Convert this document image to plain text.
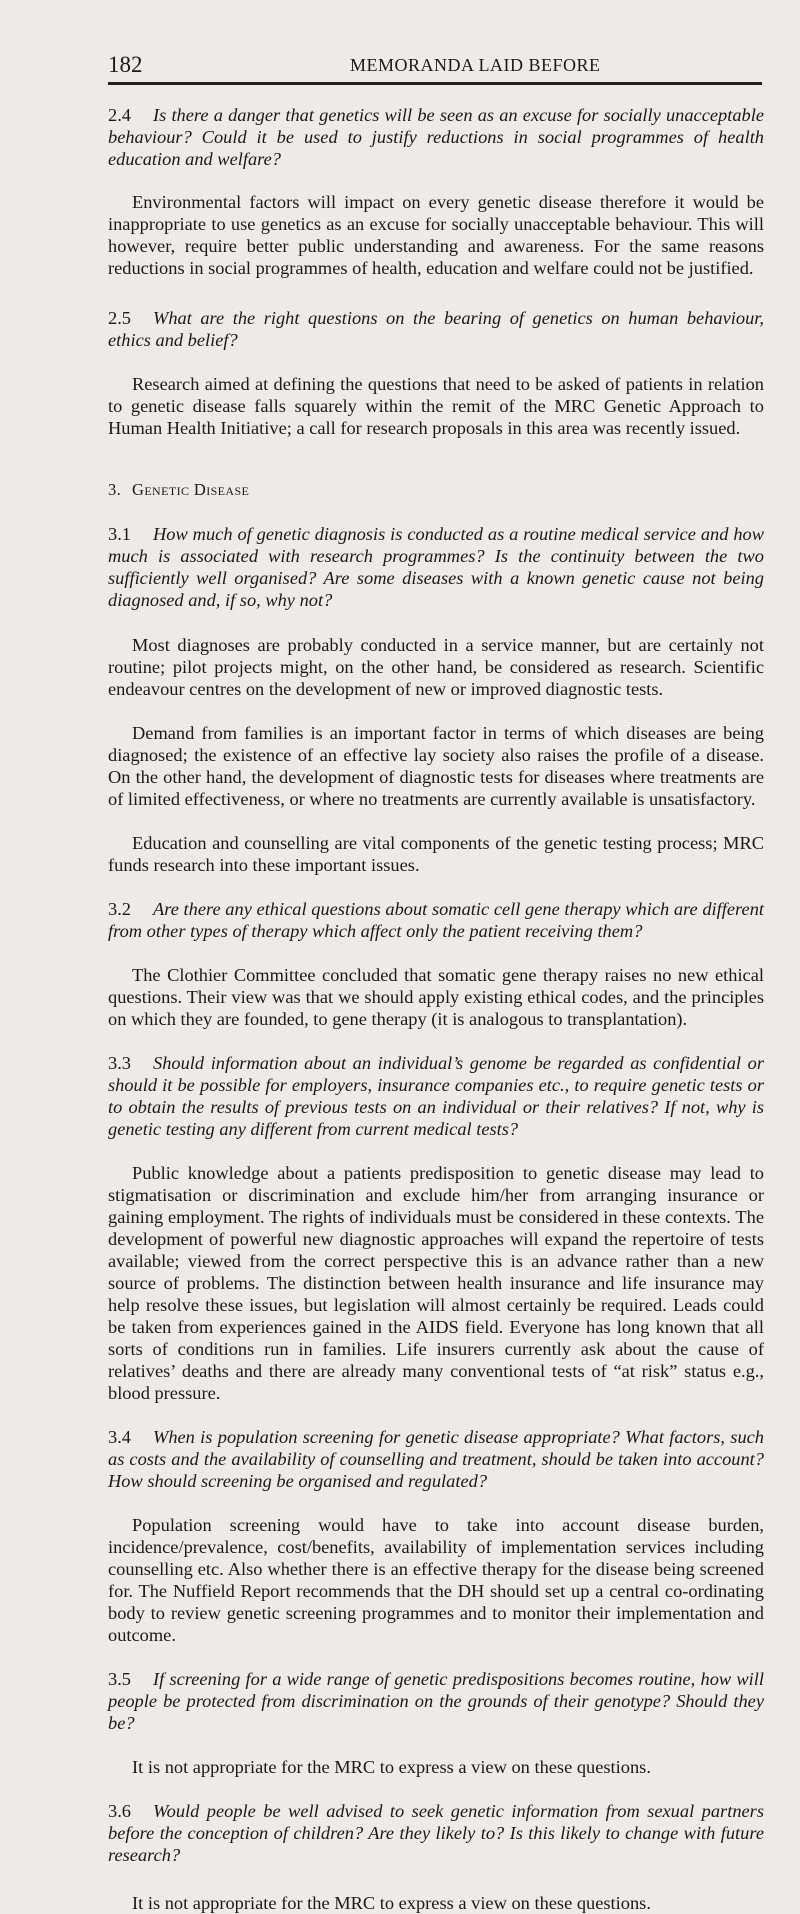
182	MEMORANDA LAID BEFORE

2.4 Is there a danger that genetics will be seen as an excuse for socially unacceptable behaviour? Could it be used to justify reductions in social programmes of health education and welfare?

Environmental factors will impact on every genetic disease therefore it would be inappropriate to use genetics as an excuse for socially unacceptable behaviour. This will however, require better public understanding and awareness. For the same reasons reductions in social programmes of health, education and welfare could not be justified.

2.5 What are the right questions on the bearing of genetics on human behaviour, ethics and belief?

Research aimed at defining the questions that need to be asked of patients in relation to genetic disease falls squarely within the remit of the MRC Genetic Approach to Human Health Initiative; a call for research proposals in this area was recently issued.

3. Genetic Disease

3.1 How much of genetic diagnosis is conducted as a routine medical service and how much is associated with research programmes? Is the continuity between the two sufficiently well organised? Are some diseases with a known genetic cause not being diagnosed and, if so, why not?

Most diagnoses are probably conducted in a service manner, but are certainly not routine; pilot projects might, on the other hand, be considered as research. Scientific endeavour centres on the development of new or improved diagnostic tests.

Demand from families is an important factor in terms of which diseases are being diagnosed; the existence of an effective lay society also raises the profile of a disease. On the other hand, the development of diagnostic tests for diseases where treatments are of limited effectiveness, or where no treatments are currently available is unsatisfactory.

Education and counselling are vital components of the genetic testing process; MRC funds research into these important issues.

3.2 Are there any ethical questions about somatic cell gene therapy which are different from other types of therapy which affect only the patient receiving them?

The Clothier Committee concluded that somatic gene therapy raises no new ethical questions. Their view was that we should apply existing ethical codes, and the principles on which they are founded, to gene therapy (it is analogous to transplantation).

3.3 Should information about an individual’s genome be regarded as confidential or should it be possible for employers, insurance companies etc., to require genetic tests or to obtain the results of previous tests on an individual or their relatives? If not, why is genetic testing any different from current medical tests?

Public knowledge about a patients predisposition to genetic disease may lead to stigmatisation or discrimination and exclude him/her from arranging insurance or gaining employment. The rights of individuals must be considered in these contexts. The development of powerful new diagnostic approaches will expand the repertoire of tests available; viewed from the correct perspective this is an advance rather than a new source of problems. The distinction between health insurance and life insurance may help resolve these issues, but legislation will almost certainly be required. Leads could be taken from experiences gained in the AIDS field. Everyone has long known that all sorts of conditions run in families. Life insurers currently ask about the cause of relatives’ deaths and there are already many conventional tests of “at risk” status e.g., blood pressure.

3.4 When is population screening for genetic disease appropriate? What factors, such as costs and the availability of counselling and treatment, should be taken into account? How should screening be organised and regulated?

Population screening would have to take into account disease burden, incidence/prevalence, cost/benefits, availability of implementation services including counselling etc. Also whether there is an effective therapy for the disease being screened for. The Nuffield Report recommends that the DH should set up a central co-ordinating body to review genetic screening programmes and to monitor their implementation and outcome.

3.5 If screening for a wide range of genetic predispositions becomes routine, how will people be protected from discrimination on the grounds of their genotype? Should they be?

It is not appropriate for the MRC to express a view on these questions.

3.6 Would people be well advised to seek genetic information from sexual partners before the conception of children? Are they likely to? Is this likely to change with future research?

It is not appropriate for the MRC to express a view on these questions.
